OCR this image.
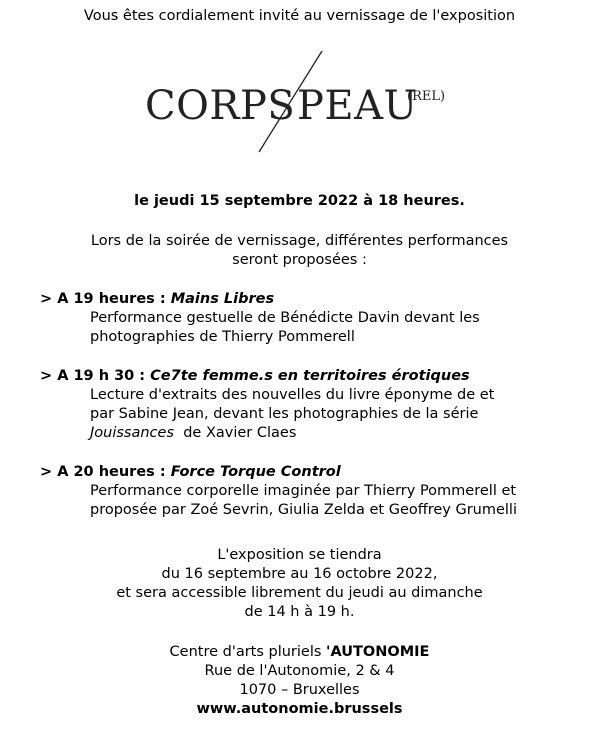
Vous êtes cordialement invité au vernissage de l'exposition
CORPS PEAU
(REL)
le jeudi 15 septembre 2022 à 18 heures.
Lors de la soirée de vernissage, différentes performances
seront proposées :
> A 19 heures : Mains Libres
Performance gestuelle de Bénédicte Davin devant les
photographies de Thierry Pommerell
> A 19 h 30 : Ce7te femme.s en territoires érotiques
Lecture d'extraits des nouvelles du livre éponyme de et
par Sabine Jean, devant les photographies de la série
Jouissances  de Xavier Claes
> A 20 heures : Force Torque Control
Performance corporelle imaginée par Thierry Pommerell et
proposée par Zoé Sevrin, Giulia Zelda et Geoffrey Grumelli
L'exposition se tiendra
du 16 septembre au 16 octobre 2022,
et sera accessible librement du jeudi au dimanche
de 14 h à 19 h.
Centre d'arts pluriels 'AUTONOMIE
Rue de l'Autonomie, 2 & 4
1070 – Bruxelles
www.autonomie.brussels
